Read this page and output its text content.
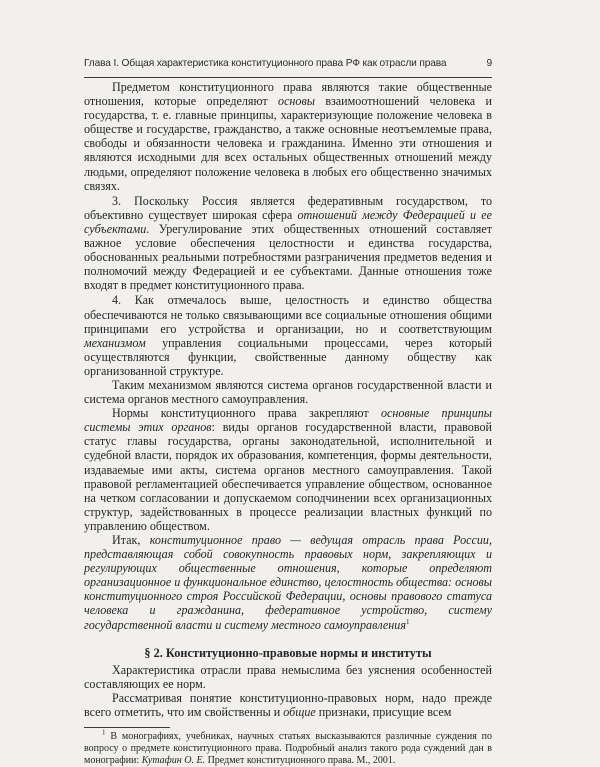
Глава I. Общая характеристика конституционного права РФ как отрасли права	9

Предметом конституционного права являются такие общественные отношения, которые определяют основы взаимоотношений человека и государства, т. е. главные принципы, характеризующие положение человека в обществе и государстве, гражданство, а также основные неотъемлемые права, свободы и обязанности человека и гражданина. Именно эти отношения и являются исходными для всех остальных общественных отношений между людьми, определяют положение человека в любых его общественно значимых связях.

3. Поскольку Россия является федеративным государством, то объективно существует широкая сфера отношений между Федерацией и ее субъектами. Урегулирование этих общественных отношений составляет важное условие обеспечения целостности и единства государства, обоснованных реальными потребностями разграничения предметов ведения и полномочий между Федерацией и ее субъектами. Данные отношения тоже входят в предмет конституционного права.

4. Как отмечалось выше, целостность и единство общества обеспечиваются не только связывающими все социальные отношения общими принципами его устройства и организации, но и соответствующим механизмом управления социальными процессами, через который осуществляются функции, свойственные данному обществу как организованной структуре.

Таким механизмом являются система органов государственной власти и система органов местного самоуправления.

Нормы конституционного права закрепляют основные принципы системы этих органов: виды органов государственной власти, правовой статус главы государства, органы законодательной, исполнительной и судебной власти, порядок их образования, компетенция, формы деятельности, издаваемые ими акты, система органов местного самоуправления. Такой правовой регламентацией обеспечивается управление обществом, основанное на четком согласовании и допускаемом соподчинении всех организационных структур, задействованных в процессе реализации властных функций по управлению обществом.

Итак, конституционное право — ведущая отрасль права России, представляющая собой совокупность правовых норм, закрепляющих и регулирующих общественные отношения, которые определяют организационное и функциональное единство, целостность общества: основы конституционного строя Российской Федерации, основы правового статуса человека и гражданина, федеративное устройство, систему государственной власти и систему местного самоуправления$^1$

§ 2. Конституционно-правовые нормы и институты

Характеристика отрасли права немыслима без уяснения особенностей составляющих ее норм.

Рассматривая понятие конституционно-правовых норм, надо прежде всего отметить, что им свойственны и общие признаки, присущие всем

$^1$ В монографиях, учебниках, научных статьях высказываются различные суждения по вопросу о предмете конституционного права. Подробный анализ такого рода суждений дан в монографии: Кутафин О. Е. Предмет конституционного права. М., 2001.
